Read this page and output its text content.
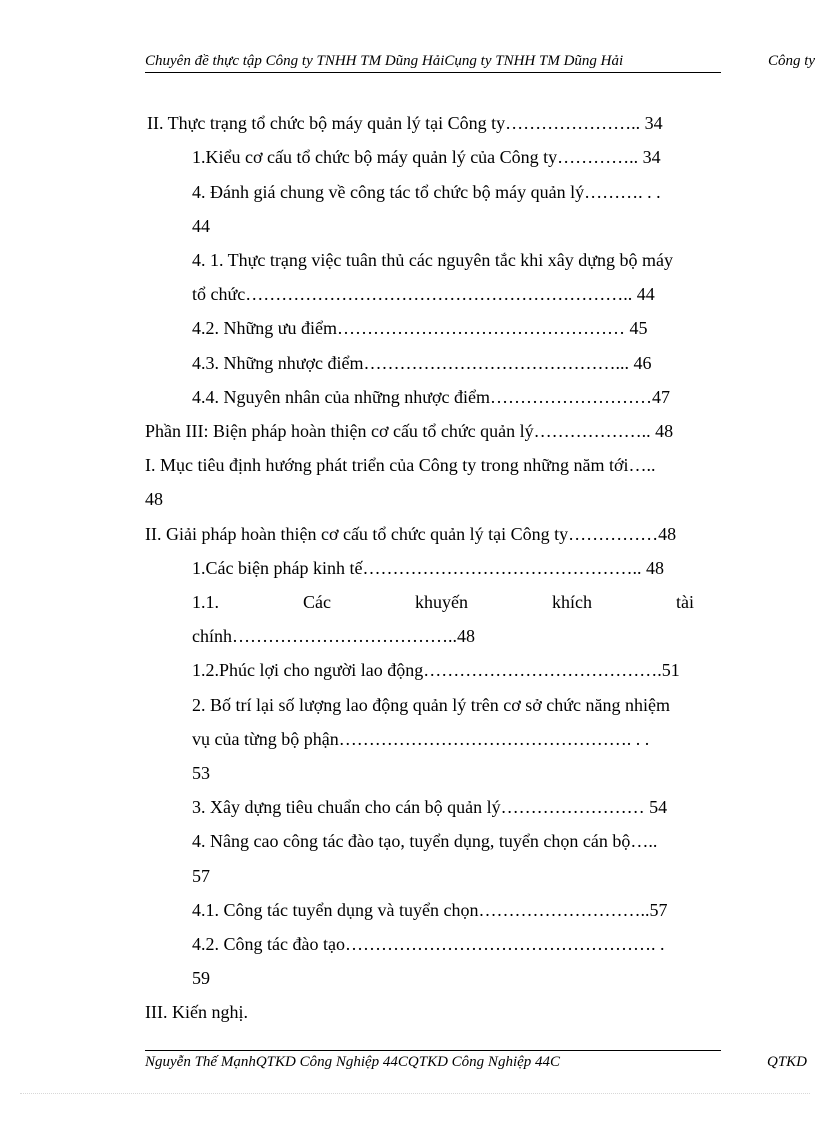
Chuyên đề thực tập Công ty TNHH TM Dũng HảiCụng ty TNHH TM Dũng Hải	Công ty
II. Thực trạng tổ chức bộ máy quản lý tại Công ty………………….. 34
1.Kiểu cơ cấu tổ chức bộ máy quản lý của Công ty………….. 34
4. Đánh giá chung về công tác tổ chức bộ máy quản lý………. . .
44
4. 1. Thực trạng việc tuân thủ các nguyên tắc khi xây dựng bộ máy
tổ chức……………………………………………………….. 44
4.2. Những ưu điểm………………………………………… 45
4.3. Những nhược điểm……………………………………... 46
4.4. Nguyên nhân của những nhược điểm………………………47
Phần III: Biện pháp hoàn thiện cơ cấu tổ chức quản lý……………….. 48
I. Mục tiêu định hướng phát triển của Công ty trong những năm tới…..
48
II. Giải pháp hoàn thiện cơ cấu tổ chức quản lý tại Công ty……………48
1.Các biện pháp kinh tế……………………………………….. 48
1.1.	Các	khuyến	khích	tài
chính………………………………..48
1.2.Phúc lợi cho người lao động………………………………….51
2. Bố trí lại số lượng lao động quản lý trên cơ sở chức năng nhiệm
vụ của từng bộ phận…………………………………………. . .
53
3. Xây dựng tiêu chuẩn cho cán bộ quản lý…………………… 54
4. Nâng cao công tác đào tạo, tuyển dụng, tuyển chọn cán bộ…..
57
4.1. Công tác tuyển dụng và tuyển chọn………………………..57
4.2. Công tác đào tạo……………………………………………. .
59
III. Kiến nghị.
Nguyễn Thế MạnhQTKD Công Nghiệp 44CQTKD Công Nghiệp 44C	QTKD
